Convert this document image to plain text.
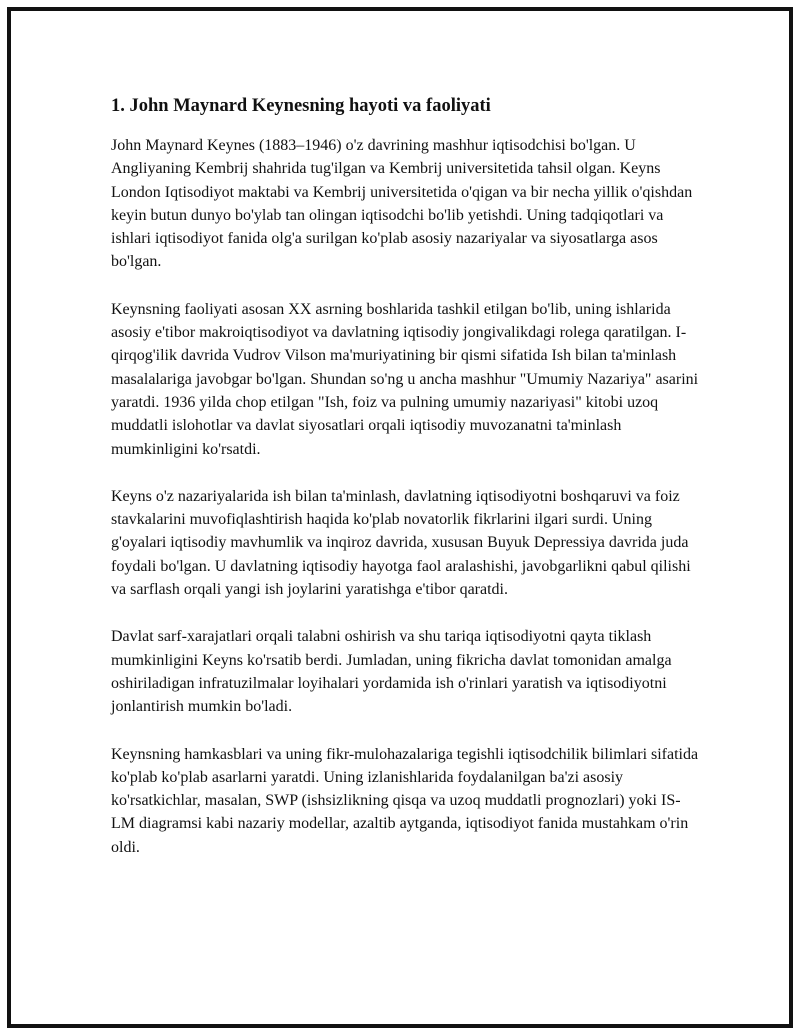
1. John Maynard Keynesning hayoti va faoliyati

John Maynard Keynes (1883–1946) o'z davrining mashhur iqtisodchisi bo'lgan. U Angliyaning Kembrij shahrida tug'ilgan va Kembrij universitetida tahsil olgan. Keyns London Iqtisodiyot maktabi va Kembrij universitetida o'qigan va bir necha yillik o'qishdan keyin butun dunyo bo'ylab tan olingan iqtisodchi bo'lib yetishdi. Uning tadqiqotlari va ishlari iqtisodiyot fanida olg'a surilgan ko'plab asosiy nazariyalar va siyosatlarga asos bo'lgan.

Keynsning faoliyati asosan XX asrning boshlarida tashkil etilgan bo'lib, uning ishlarida asosiy e'tibor makroiqtisodiyot va davlatning iqtisodiy jongivalikdagi rolega qaratilgan. I-qirqog'ilik davrida Vudrov Vilson ma'muriyatining bir qismi sifatida Ish bilan ta'minlash masalalariga javobgar bo'lgan. Shundan so'ng u ancha mashhur "Umumiy Nazariya" asarini yaratdi. 1936 yilda chop etilgan "Ish, foiz va pulning umumiy nazariyasi" kitobi uzoq muddatli islohotlar va davlat siyosatlari orqali iqtisodiy muvozanatni ta'minlash mumkinligini ko'rsatdi.

Keyns o'z nazariyalarida ish bilan ta'minlash, davlatning iqtisodiyotni boshqaruvi va foiz stavkalarini muvofiqlashtirish haqida ko'plab novatorlik fikrlarini ilgari surdi. Uning g'oyalari iqtisodiy mavhumlik va inqiroz davrida, xususan Buyuk Depressiya davrida juda foydali bo'lgan. U davlatning iqtisodiy hayotga faol aralashishi, javobgarlikni qabul qilishi va sarflash orqali yangi ish joylarini yaratishga e'tibor qaratdi.

Davlat sarf-xarajatlari orqali talabni oshirish va shu tariqa iqtisodiyotni qayta tiklash mumkinligini Keyns ko'rsatib berdi. Jumladan, uning fikricha davlat tomonidan amalga oshiriladigan infratuzilmalar loyihalari yordamida ish o'rinlari yaratish va iqtisodiyotni jonlantirish mumkin bo'ladi.

Keynsning hamkasblari va uning fikr-mulohazalariga tegishli iqtisodchilik bilimlari sifatida ko'plab ko'plab asarlarni yaratdi. Uning izlanishlarida foydalanilgan ba'zi asosiy ko'rsatkichlar, masalan, SWP (ishsizlikning qisqa va uzoq muddatli prognozlari) yoki IS-LM diagramsi kabi nazariy modellar, azaltib aytganda, iqtisodiyot fanida mustahkam o'rin oldi.
